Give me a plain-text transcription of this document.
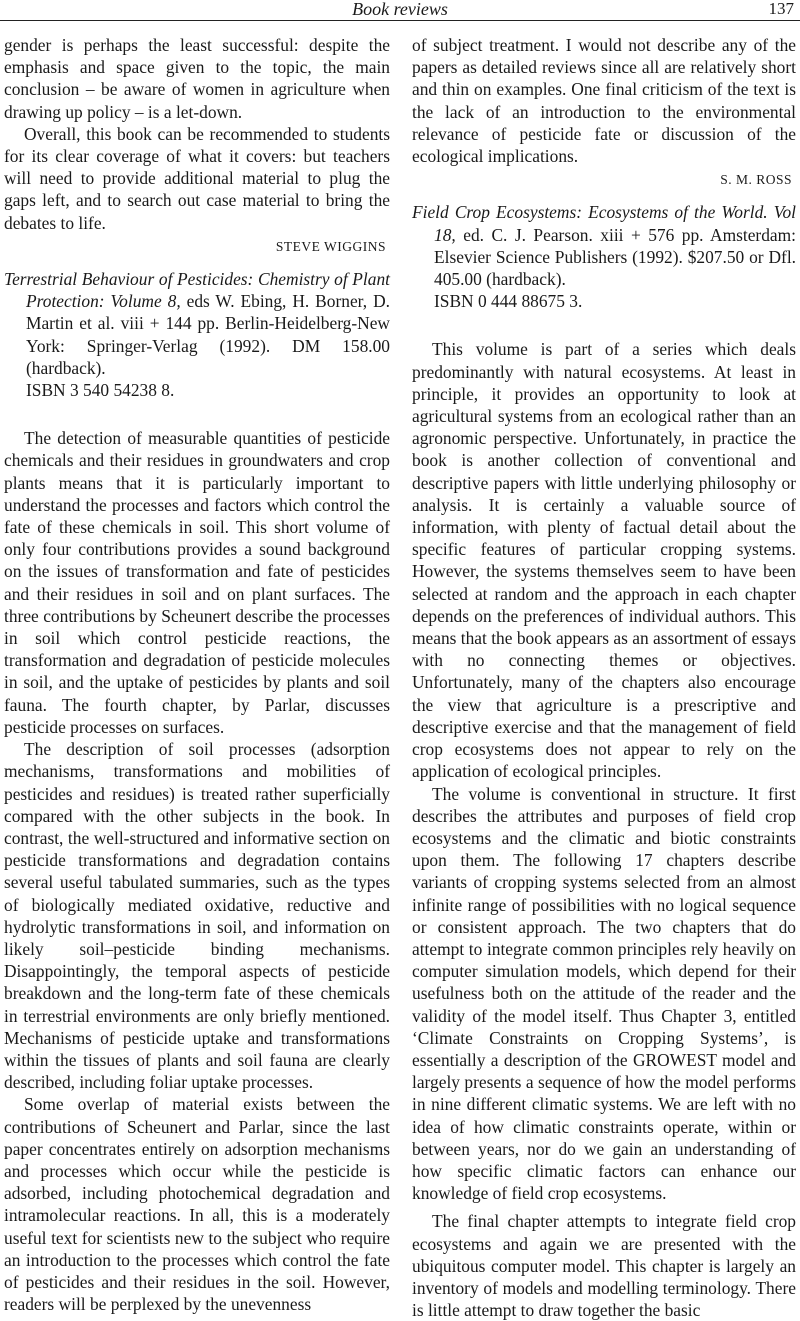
Book reviews	137

gender is perhaps the least successful: despite the emphasis and space given to the topic, the main conclusion – be aware of women in agriculture when drawing up policy – is a let-down.

Overall, this book can be recommended to students for its clear coverage of what it covers: but teachers will need to provide additional material to plug the gaps left, and to search out case material to bring the debates to life.

STEVE WIGGINS
Terrestrial Behaviour of Pesticides: Chemistry of Plant Protection: Volume 8, eds W. Ebing, H. Borner, D. Martin et al. viii + 144 pp. Berlin-Heidelberg-New York: Springer-Verlag (1992). DM 158.00 (hardback).
ISBN 3 540 54238 8.

The detection of measurable quantities of pesticide chemicals and their residues in groundwaters and crop plants means that it is particularly important to understand the processes and factors which control the fate of these chemicals in soil. This short volume of only four contributions provides a sound background on the issues of transformation and fate of pesticides and their residues in soil and on plant surfaces. The three contributions by Scheunert describe the processes in soil which control pesticide reactions, the transformation and degradation of pesticide molecules in soil, and the uptake of pesticides by plants and soil fauna. The fourth chapter, by Parlar, discusses pesticide processes on surfaces.

The description of soil processes (adsorption mechanisms, transformations and mobilities of pesticides and residues) is treated rather superficially compared with the other subjects in the book. In contrast, the well-structured and informative section on pesticide transformations and degradation contains several useful tabulated summaries, such as the types of biologically mediated oxidative, reductive and hydrolytic transformations in soil, and information on likely soil–pesticide binding mechanisms. Disappointingly, the temporal aspects of pesticide breakdown and the long-term fate of these chemicals in terrestrial environments are only briefly mentioned. Mechanisms of pesticide uptake and transformations within the tissues of plants and soil fauna are clearly described, including foliar uptake processes.

Some overlap of material exists between the contributions of Scheunert and Parlar, since the last paper concentrates entirely on adsorption mechanisms and processes which occur while the pesticide is adsorbed, including photochemical degradation and intramolecular reactions. In all, this is a moderately useful text for scientists new to the subject who require an introduction to the processes which control the fate of pesticides and their residues in the soil. However, readers will be perplexed by the unevenness

of subject treatment. I would not describe any of the papers as detailed reviews since all are relatively short and thin on examples. One final criticism of the text is the lack of an introduction to the environmental relevance of pesticide fate or discussion of the ecological implications.

S. M. ROSS
Field Crop Ecosystems: Ecosystems of the World. Vol 18, ed. C. J. Pearson. xiii + 576 pp. Amsterdam: Elsevier Science Publishers (1992). $207.50 or Dfl. 405.00 (hardback).
ISBN 0 444 88675 3.

This volume is part of a series which deals predominantly with natural ecosystems. At least in principle, it provides an opportunity to look at agricultural systems from an ecological rather than an agronomic perspective. Unfortunately, in practice the book is another collection of conventional and descriptive papers with little underlying philosophy or analysis. It is certainly a valuable source of information, with plenty of factual detail about the specific features of particular cropping systems. However, the systems themselves seem to have been selected at random and the approach in each chapter depends on the preferences of individual authors. This means that the book appears as an assortment of essays with no connecting themes or objectives. Unfortunately, many of the chapters also encourage the view that agriculture is a prescriptive and descriptive exercise and that the management of field crop ecosystems does not appear to rely on the application of ecological principles.

The volume is conventional in structure. It first describes the attributes and purposes of field crop ecosystems and the climatic and biotic constraints upon them. The following 17 chapters describe variants of cropping systems selected from an almost infinite range of possibilities with no logical sequence or consistent approach. The two chapters that do attempt to integrate common principles rely heavily on computer simulation models, which depend for their usefulness both on the attitude of the reader and the validity of the model itself. Thus Chapter 3, entitled ‘Climate Constraints on Cropping Systems’, is essentially a description of the GROWEST model and largely presents a sequence of how the model performs in nine different climatic systems. We are left with no idea of how climatic constraints operate, within or between years, nor do we gain an understanding of how specific climatic factors can enhance our knowledge of field crop ecosystems.

The final chapter attempts to integrate field crop ecosystems and again we are presented with the ubiquitous computer model. This chapter is largely an inventory of models and modelling terminology. There is little attempt to draw together the basic
